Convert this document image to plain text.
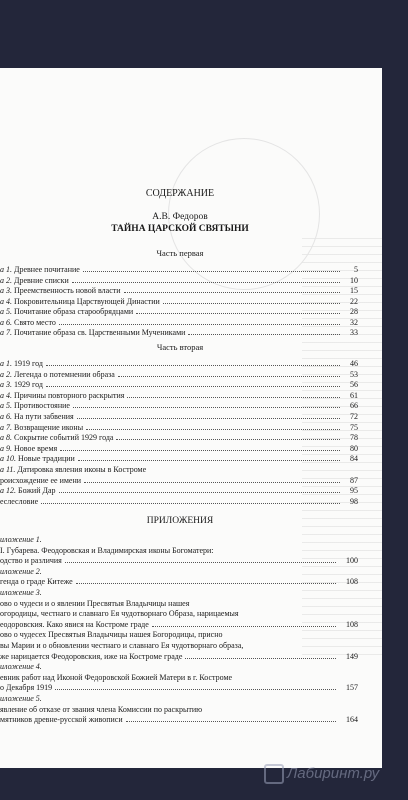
СОДЕРЖАНИЕ
А.В. Федоров
ТАЙНА ЦАРСКОЙ СВЯТЫНИ
Часть первая
а 1. Древнее почитание	5
а 2. Древние списки	10
а 3. Преемственность новой власти	15
а 4. Покровительница Царствующей Династии	22
а 5. Почитание образа старообрядцами	28
а 6. Свято место	32
а 7. Почитание образа св. Царственными Мучениками	33
Часть вторая
а 1. 1919 год	46
а 2. Легенда о потемнении образа	53
а 3. 1929 год	56
а 4. Причины повторного раскрытия	61
а 5. Противостояние	66
а 6. На пути забвения	72
а 7. Возвращение иконы	75
а 8. Сокрытие событий 1929 года	78
а 9. Новое время	80
а 10. Новые традиции	84
а 11. Датировка явления иконы в Костроме
роисхождение ее имени	87
а 12. Божий Дар	95
еслесловие	98
ПРИЛОЖЕНИЯ
иложение 1.
I. Губарева. Феодоровская и Владимирская иконы Богоматери:
одство и различия	100
иложение 2.
генда о граде Китеже	108
иложение 3.
ово о чудеси и о явлении Пресвятыя Владычицы нашея
огородицы, честнаго и славнаго Ея чудотворнаго Образа, нарицаемыя
еодоровския. Како явися на Костроме граде	108
ово о чудесех Пресвятыя Владычицы нашея Богородицы, присно
вы Марии и о обновлении честнаго и славнаго Ея чудотворнаго образа,
же нарицается Феодоровския, иже на Костроме граде	149
иложение 4.
евник работ над Иконой Федоровской Божией Матери в г. Костроме
о Декабря 1919	157
иложение 5.
явление об отказе от звания члена Комиссии по раскрытию
мятников древне-русской живописи	164
Лабиринт.ру
